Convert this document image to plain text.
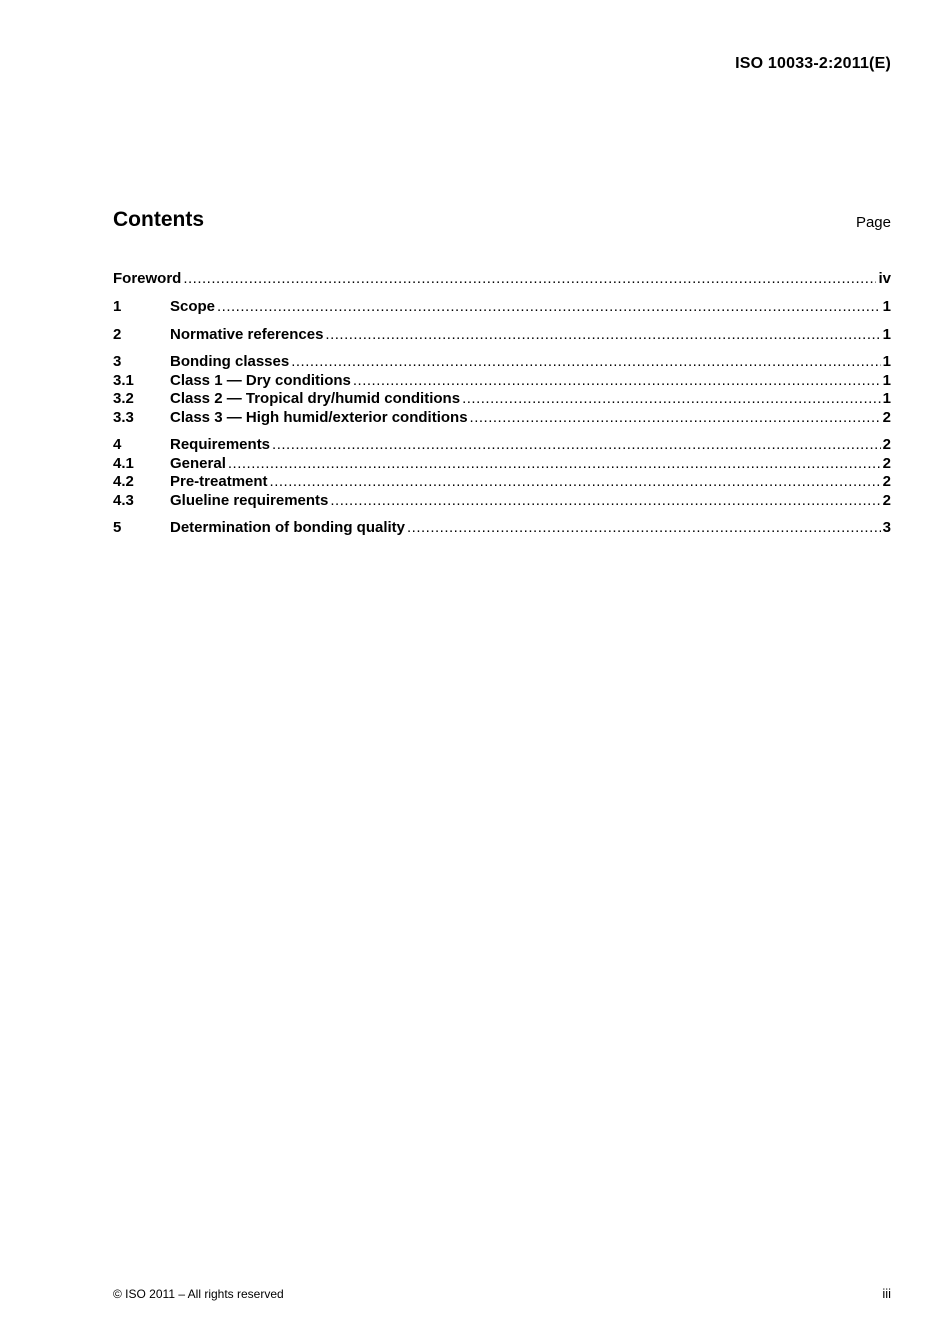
ISO 10033-2:2011(E)
Contents	Page
Foreword .....	iv
1	Scope .....	1
2	Normative references .....	1
3	Bonding classes .....	1
3.1	Class 1 — Dry conditions .....	1
3.2	Class 2 — Tropical dry/humid conditions .....	1
3.3	Class 3 — High humid/exterior conditions .....	2
4	Requirements .....	2
4.1	General .....	2
4.2	Pre-treatment .....	2
4.3	Glueline requirements .....	2
5	Determination of bonding quality .....	3
© ISO 2011 – All rights reserved	iii
